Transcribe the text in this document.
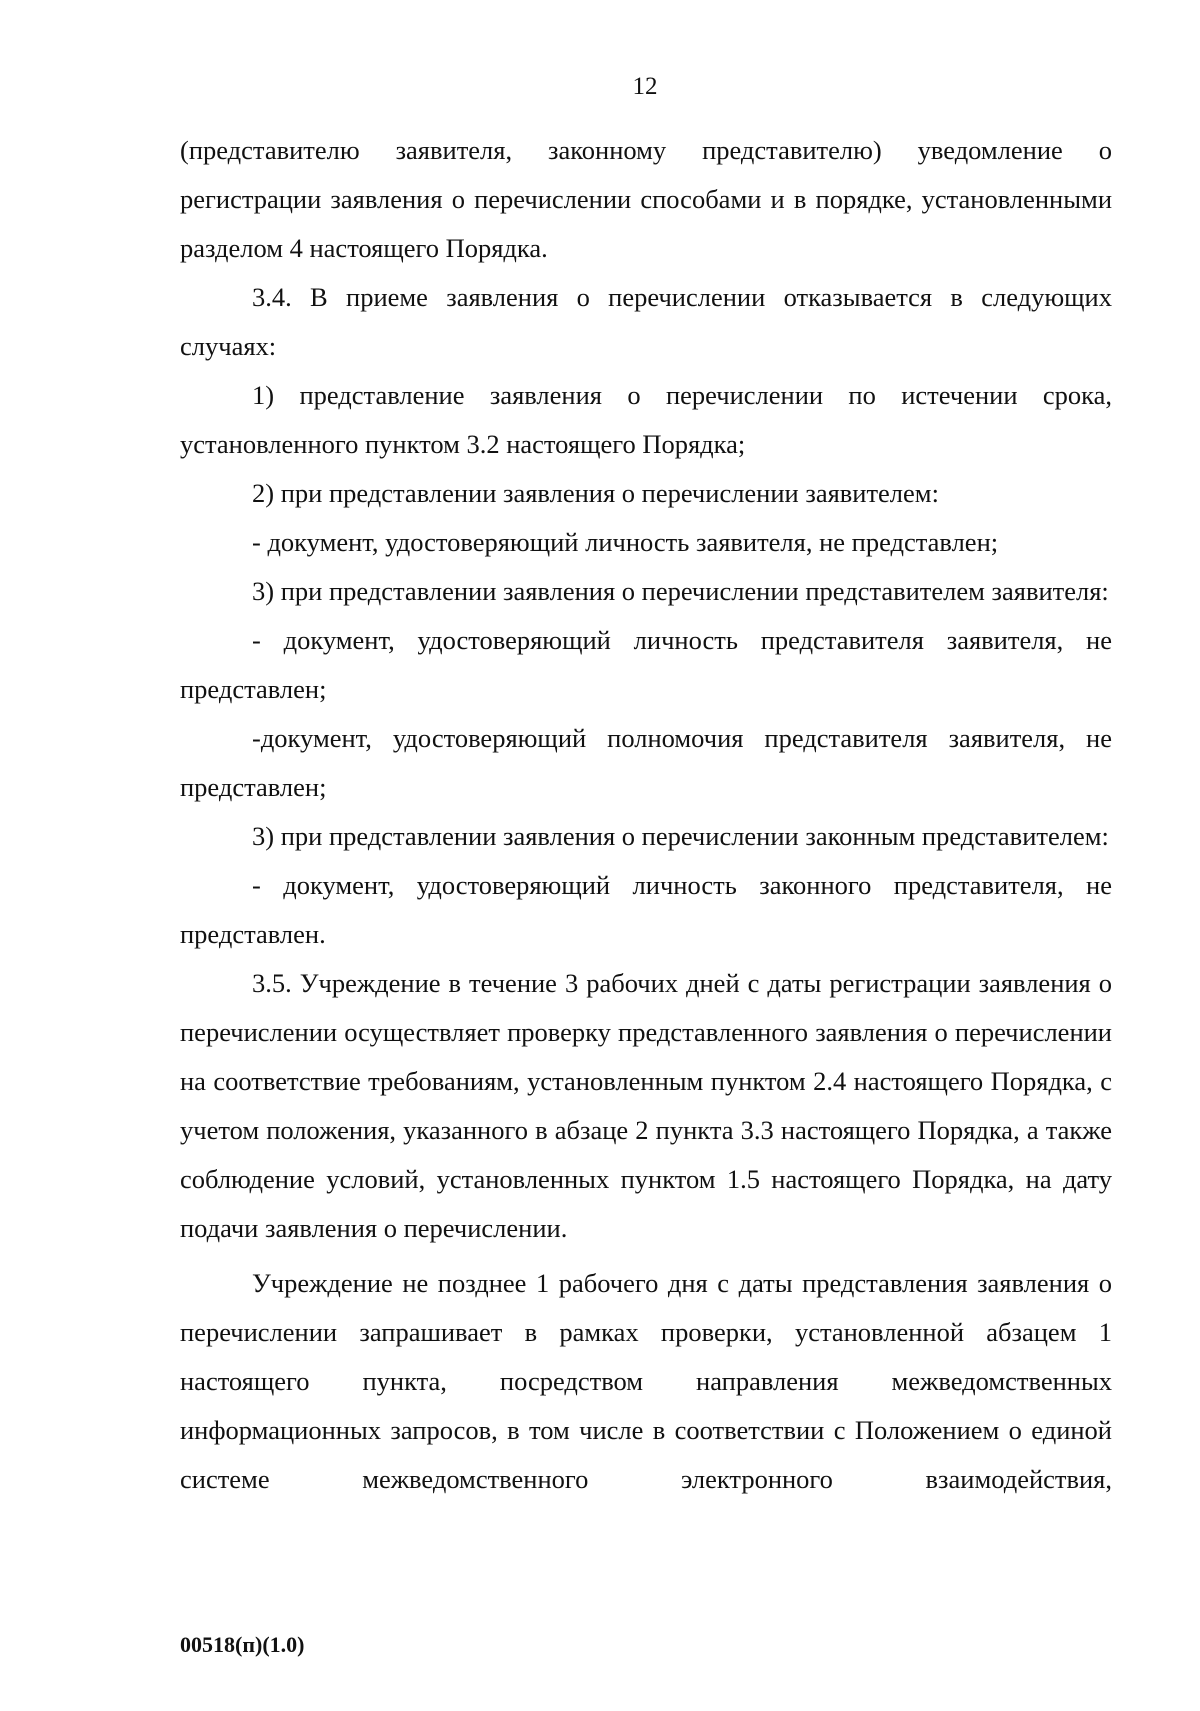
12

(представителю заявителя, законному представителю) уведомление о регистрации заявления о перечислении способами и в порядке, установленными разделом 4 настоящего Порядка.

3.4. В приеме заявления о перечислении отказывается в следующих случаях:

1) представление заявления о перечислении по истечении срока, установленного пунктом 3.2 настоящего Порядка;

2) при представлении заявления о перечислении заявителем:

- документ, удостоверяющий личность заявителя, не представлен;

3) при представлении заявления о перечислении представителем заявителя:

- документ, удостоверяющий личность представителя заявителя, не представлен;

-документ, удостоверяющий полномочия представителя заявителя, не представлен;

3) при представлении заявления о перечислении законным представителем:

- документ, удостоверяющий личность законного представителя, не представлен.

3.5. Учреждение в течение 3 рабочих дней с даты регистрации заявления о перечислении осуществляет проверку представленного заявления о перечислении на соответствие требованиям, установленным пунктом 2.4 настоящего Порядка, с учетом положения, указанного в абзаце 2 пункта 3.3 настоящего Порядка, а также соблюдение условий, установленных пунктом 1.5 настоящего Порядка, на дату подачи заявления о перечислении.

Учреждение не позднее 1 рабочего дня с даты представления заявления о перечислении запрашивает в рамках проверки, установленной абзацем 1 настоящего пункта, посредством направления межведомственных информационных запросов, в том числе в соответствии с Положением о единой системе межведомственного электронного взаимодействия,

00518(п)(1.0)
